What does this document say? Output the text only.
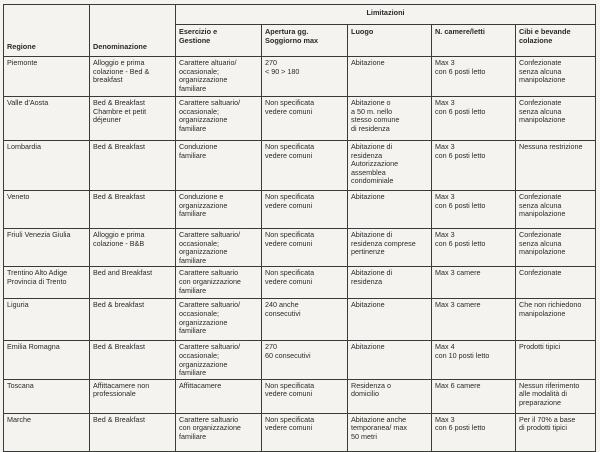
Regione	Denominazione	Limitazioni				
		Esercizio e
Gestione	Apertura gg.
Soggiorno max	Luogo	N. camere/letti	Cibi e bevande
colazione
Piemonte	Alloggio e prima
colazione - Bed &
breakfast	Carattere altuario/
occasionale;
organizzazione
familiare	270
< 90 > 180	Abitazione	Max 3
con 6 posti letto	Confezionate
senza alcuna
manipolazione
Valle d'Aosta	Bed & Breakfast
Chambre et petit
déjeuner	Carattere saltuario/
occasionale;
organizzazione
familiare	Non specificata
vedere comuni	Abitazione o
a 50 m. nello
stesso comune
di residenza	Max 3
con 6 posti letto	Confezionate
senza alcuna
manipolazione
Lombardia	Bed & Breakfast	Conduzione
familiare	Non specificata
vedere comuni	Abitazione di
residenza
Autorizzazione
assemblea
condominiale	Max 3
con 6 posti letto	Nessuna restrizione
Veneto	Bed & Breakfast	Conduzione e
organizzazione
familiare	Non specificata
vedere comuni	Abitazione	Max 3
con 6 posti letto	Confezionate
senza alcuna
manipolazione
Friuli Venezia Giulia	Alloggio e prima
colazione - B&B	Carattere saltuario/
occasionale;
organizzazione
familiare	Non specificata
vedere comuni	Abitazione di
residenza comprese
pertinenze	Max 3
con 6 posti letto	Confezionate
senza alcuna
manipolazione
Trentino Alto Adige
Provincia di Trento	Bed and Breakfast	Carattere saltuario
con organizzazione
familiare	Non specificata
vedere comuni	Abitazione di
residenza	Max 3 camere	Confezionate
Liguria	Bed & breakfast	Carattere saltuario/
occasionale;
organizzazione
familiare	240 anche
consecutivi	Abitazione	Max 3 camere	Che non richiedono
manipolazione
Emilia Romagna	Bed & Breakfast	Carattere saltuario/
occasionale;
organizzazione
familiare	270
60 consecutivi	Abitazione	Max 4
con 10 posti letto	Prodotti tipici
Toscana	Affittacamere non
professionale	Affittacamere	Non specificata
vedere comuni	Residenza o
domicilio	Max 6 camere	Nessun riferimento
alle modalità di
preparazione
Marche	Bed & Breakfast	Carattere saltuario
con organizzazione
familiare	Non specificata
vedere comuni	Abitazione anche
temporanea/ max
50 metri	Max 3
con 6 posti letto	Per il 70% a base
di prodotti tipici
